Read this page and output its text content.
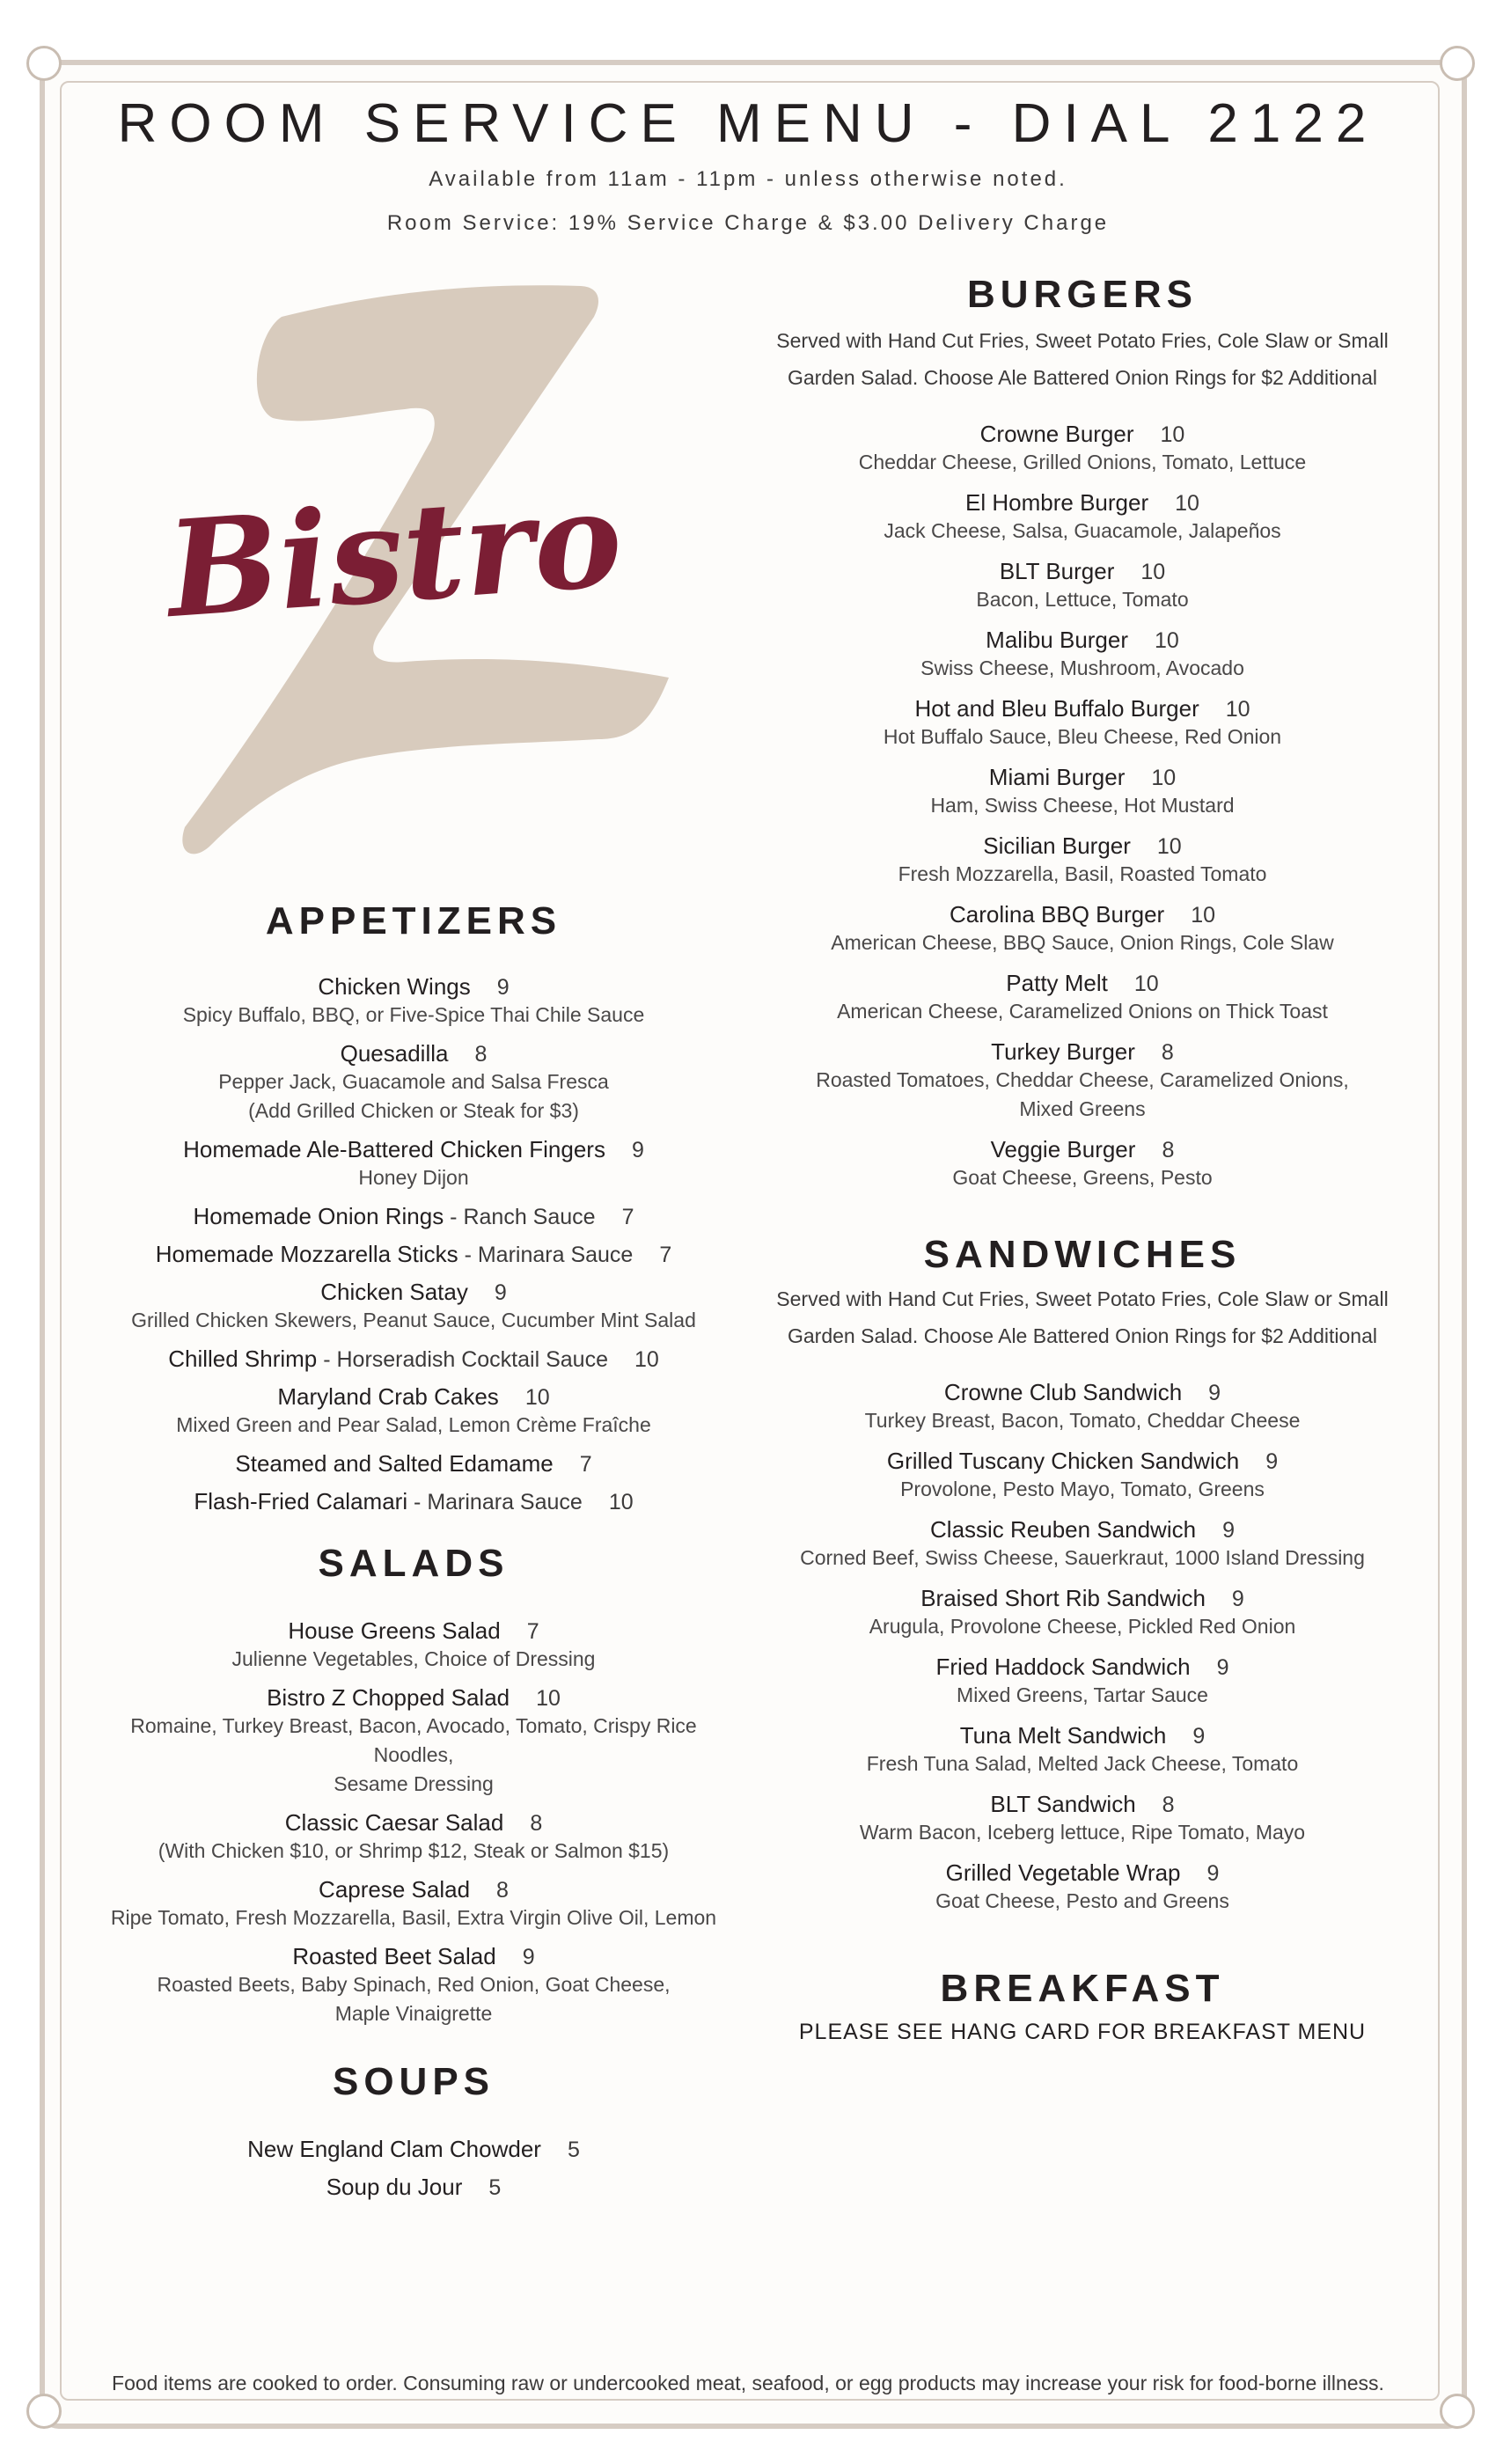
ROOM SERVICE MENU - DIAL 2122
Available from 11am - 11pm - unless otherwise noted.
Room Service: 19% Service Charge & $3.00 Delivery Charge
Bistro
BURGERS
Served with Hand Cut Fries, Sweet Potato Fries, Cole Slaw or Small
Garden Salad. Choose Ale Battered Onion Rings for $2 Additional
Crowne Burger 10
Cheddar Cheese, Grilled Onions, Tomato, Lettuce
El Hombre Burger 10
Jack Cheese, Salsa, Guacamole, Jalapeños
BLT Burger 10
Bacon, Lettuce, Tomato
Malibu Burger 10
Swiss Cheese, Mushroom, Avocado
Hot and Bleu Buffalo Burger 10
Hot Buffalo Sauce, Bleu Cheese, Red Onion
Miami Burger 10
Ham, Swiss Cheese, Hot Mustard
Sicilian Burger 10
Fresh Mozzarella, Basil, Roasted Tomato
Carolina BBQ Burger 10
American Cheese, BBQ Sauce, Onion Rings, Cole Slaw
Patty Melt 10
American Cheese, Caramelized Onions on Thick Toast
Turkey Burger 8
Roasted Tomatoes, Cheddar Cheese, Caramelized Onions,
Mixed Greens
Veggie Burger 8
Goat Cheese, Greens, Pesto
SANDWICHES
Served with Hand Cut Fries, Sweet Potato Fries, Cole Slaw or Small
Garden Salad. Choose Ale Battered Onion Rings for $2 Additional
Crowne Club Sandwich 9
Turkey Breast, Bacon, Tomato, Cheddar Cheese
Grilled Tuscany Chicken Sandwich 9
Provolone, Pesto Mayo, Tomato, Greens
Classic Reuben Sandwich 9
Corned Beef, Swiss Cheese, Sauerkraut, 1000 Island Dressing
Braised Short Rib Sandwich 9
Arugula, Provolone Cheese, Pickled Red Onion
Fried Haddock Sandwich 9
Mixed Greens, Tartar Sauce
Tuna Melt Sandwich 9
Fresh Tuna Salad, Melted Jack Cheese, Tomato
BLT Sandwich 8
Warm Bacon, Iceberg lettuce, Ripe Tomato, Mayo
Grilled Vegetable Wrap 9
Goat Cheese, Pesto and Greens
BREAKFAST
PLEASE SEE HANG CARD FOR BREAKFAST MENU
APPETIZERS
Chicken Wings 9
Spicy Buffalo, BBQ, or Five-Spice Thai Chile Sauce
Quesadilla 8
Pepper Jack, Guacamole and Salsa Fresca
(Add Grilled Chicken or Steak for $3)
Homemade Ale-Battered Chicken Fingers 9
Honey Dijon
Homemade Onion Rings - Ranch Sauce 7
Homemade Mozzarella Sticks - Marinara Sauce 7
Chicken Satay 9
Grilled Chicken Skewers, Peanut Sauce, Cucumber Mint Salad
Chilled Shrimp - Horseradish Cocktail Sauce 10
Maryland Crab Cakes 10
Mixed Green and Pear Salad, Lemon Crème Fraîche
Steamed and Salted Edamame 7
Flash-Fried Calamari - Marinara Sauce 10
SALADS
House Greens Salad 7
Julienne Vegetables, Choice of Dressing
Bistro Z Chopped Salad 10
Romaine, Turkey Breast, Bacon, Avocado, Tomato, Crispy Rice Noodles,
Sesame Dressing
Classic Caesar Salad 8
(With Chicken $10, or Shrimp $12, Steak or Salmon $15)
Caprese Salad 8
Ripe Tomato, Fresh Mozzarella, Basil, Extra Virgin Olive Oil, Lemon
Roasted Beet Salad 9
Roasted Beets, Baby Spinach, Red Onion, Goat Cheese,
Maple Vinaigrette
SOUPS
New England Clam Chowder 5
Soup du Jour 5
Food items are cooked to order. Consuming raw or undercooked meat, seafood, or egg products may increase your risk for food-borne illness.
